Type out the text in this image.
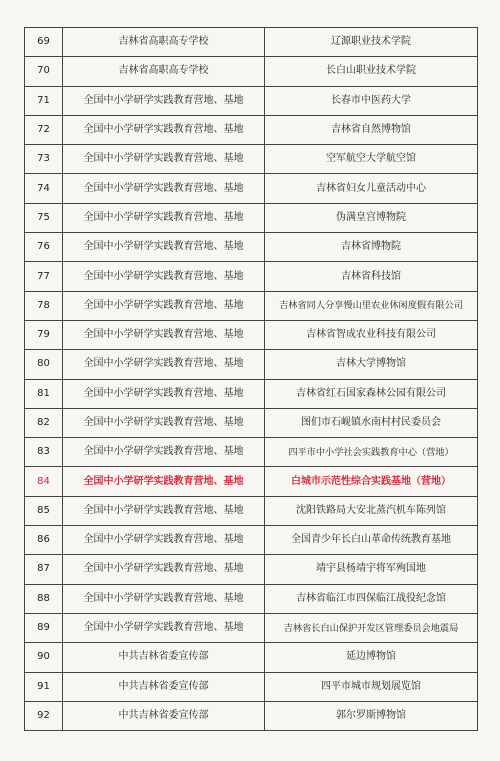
69	吉林省高职高专学校	辽源职业技术学院
70	吉林省高职高专学校	长白山职业技术学院
71	全国中小学研学实践教育营地、基地	长春市中医药大学
72	全国中小学研学实践教育营地、基地	吉林省自然博物馆
73	全国中小学研学实践教育营地、基地	空军航空大学航空馆
74	全国中小学研学实践教育营地、基地	吉林省妇女儿童活动中心
75	全国中小学研学实践教育营地、基地	伪满皇宫博物院
76	全国中小学研学实践教育营地、基地	吉林省博物院
77	全国中小学研学实践教育营地、基地	吉林省科技馆
78	全国中小学研学实践教育营地、基地	吉林省同人分享慢山里农业休闲度假有限公司
79	全国中小学研学实践教育营地、基地	吉林省智成农业科技有限公司
80	全国中小学研学实践教育营地、基地	吉林大学博物馆
81	全国中小学研学实践教育营地、基地	吉林省红石国家森林公园有限公司
82	全国中小学研学实践教育营地、基地	图们市石岘镇水南村村民委员会
83	全国中小学研学实践教育营地、基地	四平市中小学社会实践教育中心（营地）
84	全国中小学研学实践教育营地、基地	白城市示范性综合实践基地（营地）
85	全国中小学研学实践教育营地、基地	沈阳铁路局大安北蒸汽机车陈列馆
86	全国中小学研学实践教育营地、基地	全国青少年长白山革命传统教育基地
87	全国中小学研学实践教育营地、基地	靖宇县杨靖宇将军殉国地
88	全国中小学研学实践教育营地、基地	吉林省临江市四保临江战役纪念馆
89	全国中小学研学实践教育营地、基地	吉林省长白山保护开发区管理委员会地震局
90	中共吉林省委宣传部	延边博物馆
91	中共吉林省委宣传部	四平市城市规划展览馆
92	中共吉林省委宣传部	郭尔罗斯博物馆
